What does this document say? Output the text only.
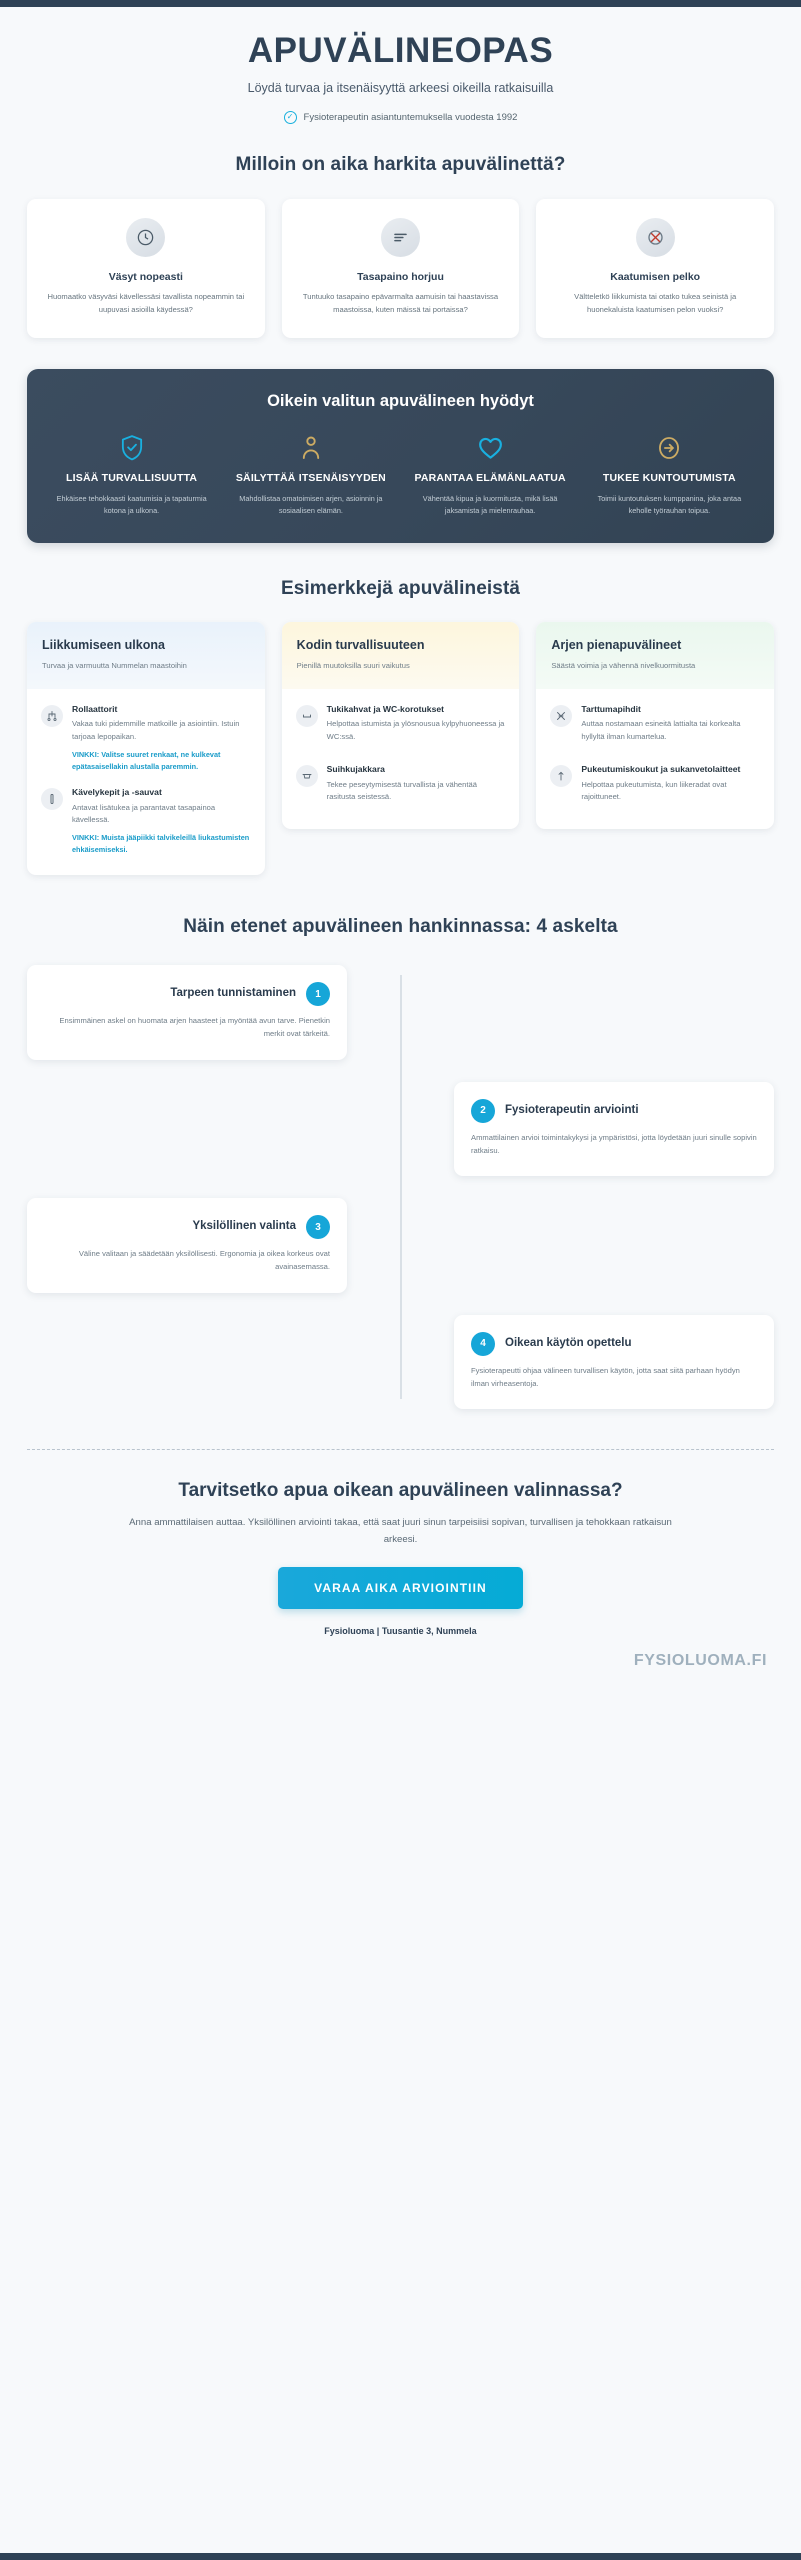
APUVÄLINEOPAS
Löydä turvaa ja itsenäisyyttä arkeesi oikeilla ratkaisuilla
✓	Fysioterapeutin asiantuntemuksella vuodesta 1992
Milloin on aika harkita apuvälinettä?
Väsyt nopeasti
Huomaatko väsyväsi kävellessäsi tavallista nopeammin tai uupuvasi asioilla käydessä?
Tasapaino horjuu
Tuntuuko tasapaino epävarmalta aamuisin tai haastavissa maastoissa, kuten mäissä tai portaissa?
Kaatumisen pelko
Vältteletkö liikkumista tai otatko tukea seinistä ja huonekaluista kaatumisen pelon vuoksi?
Oikein valitun apuvälineen hyödyt
LISÄÄ TURVALLISUUTTA
Ehkäisee tehokkaasti kaatumisia ja tapaturmia kotona ja ulkona.
SÄILYTTÄÄ ITSENÄISYYDEN
Mahdollistaa omatoimisen arjen, asioinnin ja sosiaalisen elämän.
PARANTAA ELÄMÄNLAATUA
Vähentää kipua ja kuormitusta, mikä lisää jaksamista ja mielenrauhaa.
TUKEE KUNTOUTUMISTA
Toimii kuntoutuksen kumppanina, joka antaa keholle työrauhan toipua.
Esimerkkejä apuvälineistä
Liikkumiseen ulkona
Turvaa ja varmuutta Nummelan maastoihin
Rollaattorit
Vakaa tuki pidemmille matkoille ja asiointiin. Istuin tarjoaa lepopaikan.
VINKKI: Valitse suuret renkaat, ne kulkevat epätasaisellakin alustalla paremmin.
Kävelykepit ja -sauvat
Antavat lisätukea ja parantavat tasapainoa kävellessä.
VINKKI: Muista jääpiikki talvikeleillä liukastumisten ehkäisemiseksi.
Kodin turvallisuuteen
Pienillä muutoksilla suuri vaikutus
Tukikahvat ja WC-korotukset
Helpottaa istumista ja ylösnousua kylpyhuoneessa ja WC:ssä.
Suihkujakkara
Tekee peseytymisestä turvallista ja vähentää rasitusta seistessä.
Arjen pienapuvälineet
Säästä voimia ja vähennä nivelkuormitusta
Tarttumapihdit
Auttaa nostamaan esineitä lattialta tai korkealta hyllyltä ilman kumartelua.
Pukeutumiskoukut ja sukanvetolaitteet
Helpottaa pukeutumista, kun liikeradat ovat rajoittuneet.
Näin etenet apuvälineen hankinnassa: 4 askelta
Tarpeen tunnistaminen	1
Ensimmäinen askel on huomata arjen haasteet ja myöntää avun tarve. Pienetkin merkit ovat tärkeitä.
2	Fysioterapeutin arviointi
Ammattilainen arvioi toimintakykysi ja ympäristösi, jotta löydetään juuri sinulle sopivin ratkaisu.
Yksilöllinen valinta	3
Väline valitaan ja säädetään yksilöllisesti. Ergonomia ja oikea korkeus ovat avainasemassa.
4	Oikean käytön opettelu
Fysioterapeutti ohjaa välineen turvallisen käytön, jotta saat siitä parhaan hyödyn ilman virheasentoja.
Tarvitsetko apua oikean apuvälineen valinnassa?
Anna ammattilaisen auttaa. Yksilöllinen arviointi takaa, että saat juuri sinun tarpeisiisi sopivan, turvallisen ja tehokkaan ratkaisun arkeesi.
VARAA AIKA ARVIOINTIIN
Fysioluoma | Tuusantie 3, Nummela
FYSIOLUOMA.FI
